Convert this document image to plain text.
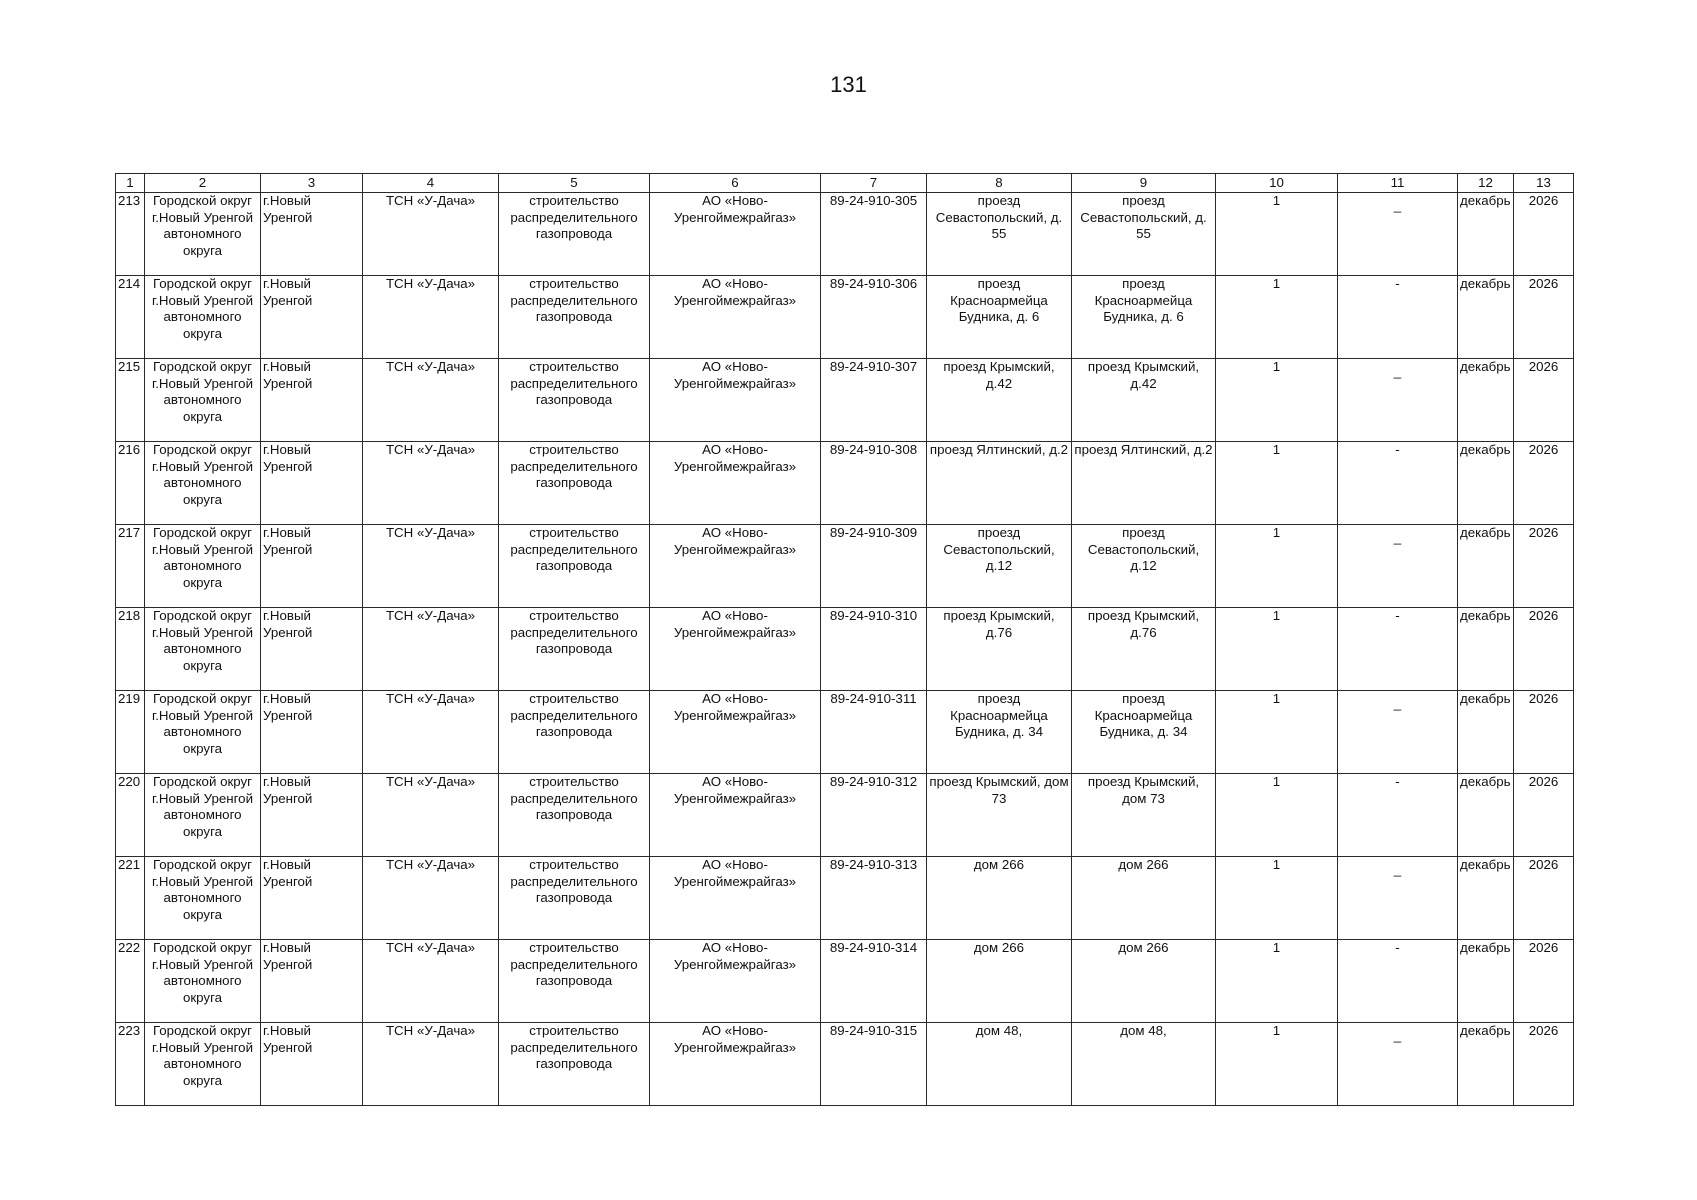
131
1	2	3	4	5	6	7	8	9	10	11	12	13
213	Городской округ г.Новый Уренгой автономного округа	г.Новый Уренгой	ТСН «У-Дача»	строительство распределительного газопровода	АО «Ново-Уренгоймежрайгаз»	89-24-910-305	проезд Севастопольский, д. 55	проезд Севастопольский, д. 55	1	_	декабрь	2026
214	Городской округ г.Новый Уренгой автономного округа	г.Новый Уренгой	ТСН «У-Дача»	строительство распределительного газопровода	АО «Ново-Уренгоймежрайгаз»	89-24-910-306	проезд Красноармейца Будника, д. 6	проезд Красноармейца Будника, д. 6	1	-	декабрь	2026
215	Городской округ г.Новый Уренгой автономного округа	г.Новый Уренгой	ТСН «У-Дача»	строительство распределительного газопровода	АО «Ново-Уренгоймежрайгаз»	89-24-910-307	проезд Крымский, д.42	проезд Крымский, д.42	1	_	декабрь	2026
216	Городской округ г.Новый Уренгой автономного округа	г.Новый Уренгой	ТСН «У-Дача»	строительство распределительного газопровода	АО «Ново-Уренгоймежрайгаз»	89-24-910-308	проезд Ялтинский, д.2	проезд Ялтинский, д.2	1	-	декабрь	2026
217	Городской округ г.Новый Уренгой автономного округа	г.Новый Уренгой	ТСН «У-Дача»	строительство распределительного газопровода	АО «Ново-Уренгоймежрайгаз»	89-24-910-309	проезд Севастопольский, д.12	проезд Севастопольский, д.12	1	_	декабрь	2026
218	Городской округ г.Новый Уренгой автономного округа	г.Новый Уренгой	ТСН «У-Дача»	строительство распределительного газопровода	АО «Ново-Уренгоймежрайгаз»	89-24-910-310	проезд Крымский, д.76	проезд Крымский, д.76	1	-	декабрь	2026
219	Городской округ г.Новый Уренгой автономного округа	г.Новый Уренгой	ТСН «У-Дача»	строительство распределительного газопровода	АО «Ново-Уренгоймежрайгаз»	89-24-910-311	проезд Красноармейца Будника, д. 34	проезд Красноармейца Будника, д. 34	1	_	декабрь	2026
220	Городской округ г.Новый Уренгой автономного округа	г.Новый Уренгой	ТСН «У-Дача»	строительство распределительного газопровода	АО «Ново-Уренгоймежрайгаз»	89-24-910-312	проезд Крымский, дом 73	проезд Крымский, дом 73	1	-	декабрь	2026
221	Городской округ г.Новый Уренгой автономного округа	г.Новый Уренгой	ТСН «У-Дача»	строительство распределительного газопровода	АО «Ново-Уренгоймежрайгаз»	89-24-910-313	дом 266	дом 266	1	_	декабрь	2026
222	Городской округ г.Новый Уренгой автономного округа	г.Новый Уренгой	ТСН «У-Дача»	строительство распределительного газопровода	АО «Ново-Уренгоймежрайгаз»	89-24-910-314	дом 266	дом 266	1	-	декабрь	2026
223	Городской округ г.Новый Уренгой автономного округа	г.Новый Уренгой	ТСН «У-Дача»	строительство распределительного газопровода	АО «Ново-Уренгоймежрайгаз»	89-24-910-315	дом 48,	дом 48,	1	_	декабрь	2026
